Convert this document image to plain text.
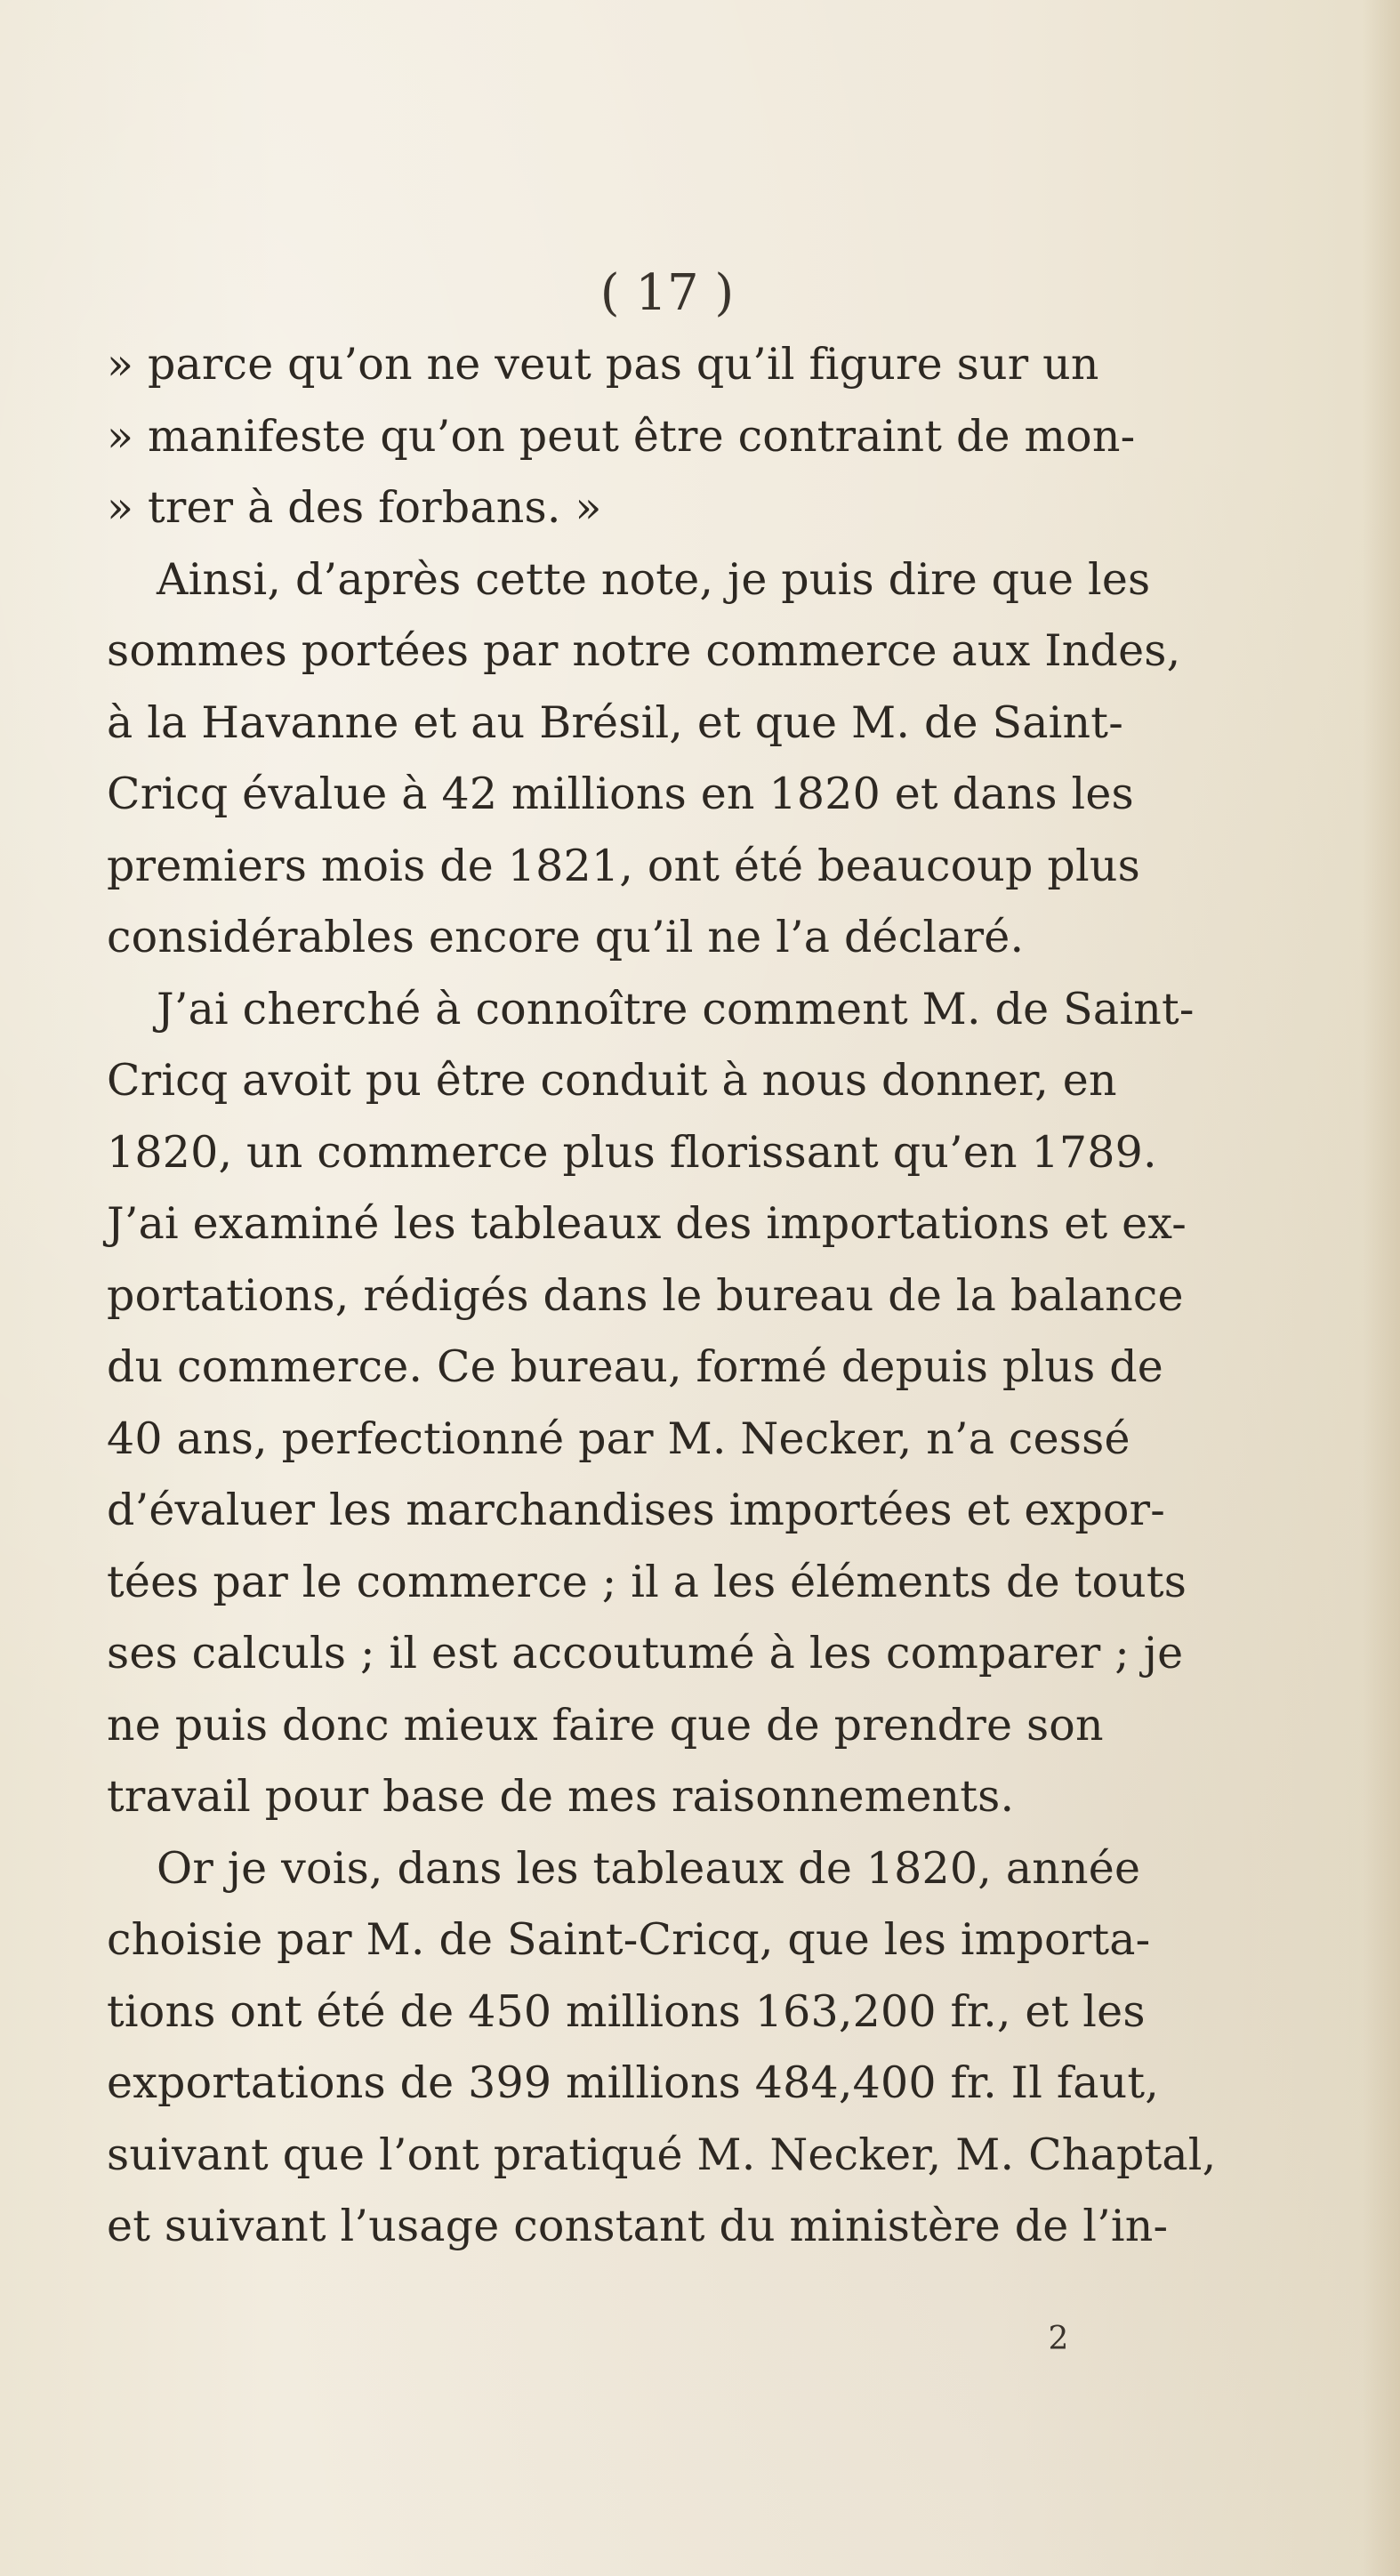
( 17 )
» parce qu’on ne veut pas qu’il figure sur un
» manifeste qu’on peut être contraint de mon-
» trer à des forbans. »
Ainsi, d’après cette note, je puis dire que les
sommes portées par notre commerce aux Indes,
à la Havanne et au Brésil, et que M. de Saint-
Cricq évalue à 42 millions en 1820 et dans les
premiers mois de 1821, ont été beaucoup plus
considérables encore qu’il ne l’a déclaré.
J’ai cherché à connoître comment M. de Saint-
Cricq avoit pu être conduit à nous donner, en
1820, un commerce plus florissant qu’en 1789.
J’ai examiné les tableaux des importations et ex-
portations, rédigés dans le bureau de la balance
du commerce. Ce bureau, formé depuis plus de
40 ans, perfectionné par M. Necker, n’a cessé
d’évaluer les marchandises importées et expor-
tées par le commerce ; il a les éléments de touts
ses calculs ; il est accoutumé à les comparer ; je
ne puis donc mieux faire que de prendre son
travail pour base de mes raisonnements.
Or je vois, dans les tableaux de 1820, année
choisie par M. de Saint-Cricq, que les importa-
tions ont été de 450 millions 163,200 fr., et les
exportations de 399 millions 484,400 fr. Il faut,
suivant que l’ont pratiqué M. Necker, M. Chaptal,
et suivant l’usage constant du ministère de l’in-
2
